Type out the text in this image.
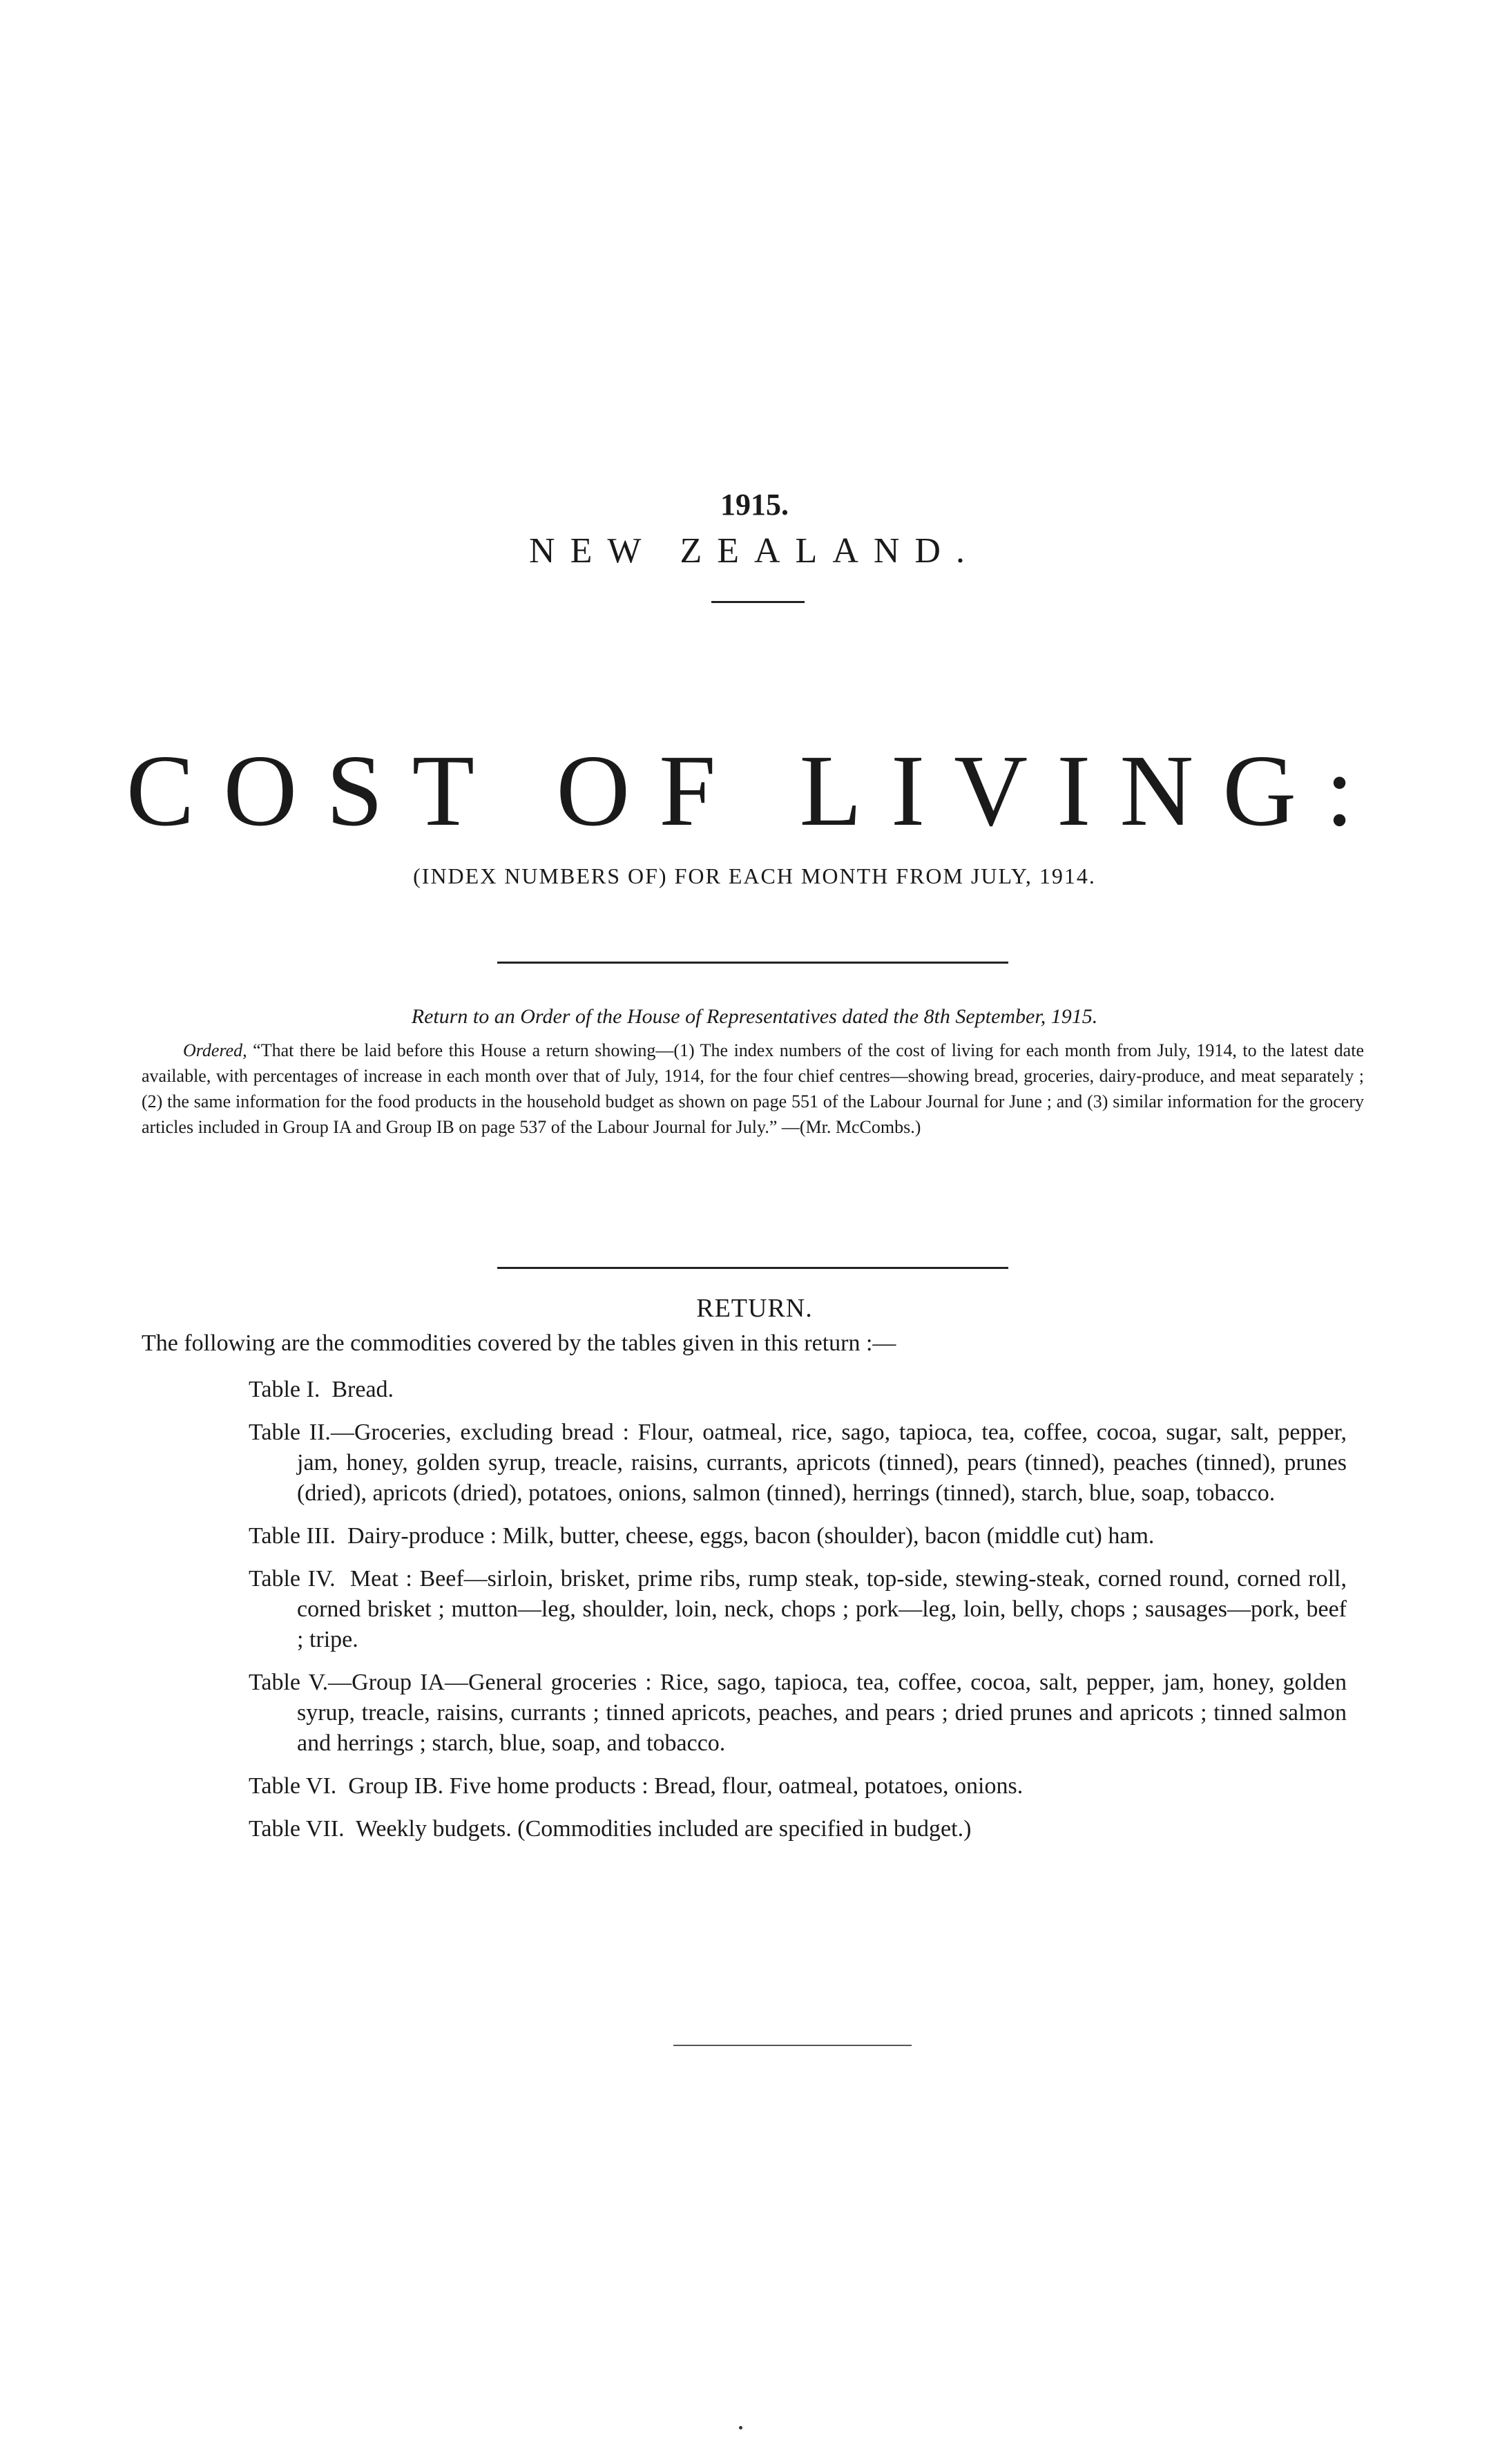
1915.
NEW ZEALAND.
COST OF LIVING:
(INDEX NUMBERS OF) FOR EACH MONTH FROM JULY, 1914.
Return to an Order of the House of Representatives dated the 8th September, 1915.
Ordered, “That there be laid before this House a return showing—(1) The index numbers of the cost of living for each month from July, 1914, to the latest date available, with percentages of increase in each month over that of July, 1914, for the four chief centres—showing bread, groceries, dairy-produce, and meat separately ; (2) the same information for the food products in the household budget as shown on page 551 of the Labour Journal for June ; and (3) similar information for the grocery articles included in Group IA and Group IB on page 537 of the Labour Journal for July.” —(Mr. McCombs.)
RETURN.
The following are the commodities covered by the tables given in this return :—
Table I. Bread.
Table II.—Groceries, excluding bread : Flour, oatmeal, rice, sago, tapioca, tea, coffee, cocoa, sugar, salt, pepper, jam, honey, golden syrup, treacle, raisins, currants, apricots (tinned), pears (tinned), peaches (tinned), prunes (dried), apricots (dried), potatoes, onions, salmon (tinned), herrings (tinned), starch, blue, soap, tobacco.
Table III. Dairy-produce : Milk, butter, cheese, eggs, bacon (shoulder), bacon (middle cut) ham.
Table IV. Meat : Beef—sirloin, brisket, prime ribs, rump steak, top-side, stewing-steak, corned round, corned roll, corned brisket ; mutton—leg, shoulder, loin, neck, chops ; pork—leg, loin, belly, chops ; sausages—pork, beef ; tripe.
Table V.—Group IA—General groceries : Rice, sago, tapioca, tea, coffee, cocoa, salt, pepper, jam, honey, golden syrup, treacle, raisins, currants ; tinned apricots, peaches, and pears ; dried prunes and apricots ; tinned salmon and herrings ; starch, blue, soap, and tobacco.
Table VI. Group IB. Five home products : Bread, flour, oatmeal, potatoes, onions.
Table VII. Weekly budgets. (Commodities included are specified in budget.)
